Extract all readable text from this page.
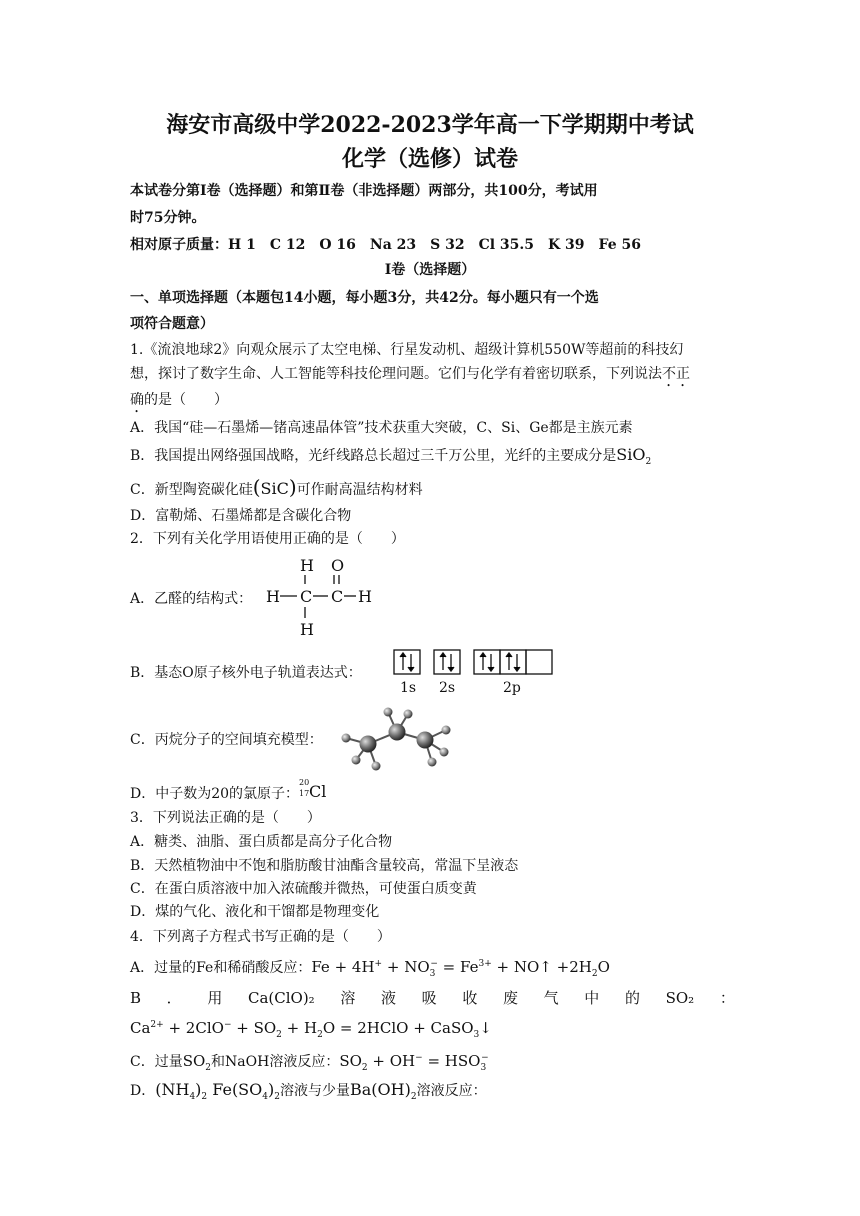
海安市高级中学2022-2023学年高一下学期期中考试
化学（选修）试卷
本试卷分第Ⅰ卷（选择题）和第Ⅱ卷（非选择题）两部分，共100分，考试用
时75分钟。
相对原子质量：H 1　C 12　O 16　Na 23　S 32　Cl 35.5　K 39　Fe 56
Ⅰ卷（选择题）
一、单项选择题（本题包14小题，每小题3分，共42分。每小题只有一个选
项符合题意）
1.《流浪地球2》向观众展示了太空电梯、行星发动机、超级计算机550W等超前的科技幻
想，探讨了数字生命、人工智能等科技伦理问题。它们与化学有着密切联系，下列说法不正
确的是（　　）
A．我国“硅—石墨烯—锗高速晶体管”技术获重大突破，C、Si、Ge都是主族元素
B．我国提出网络强国战略，光纤线路总长超过三千万公里，光纤的主要成分是SiO$_2$
C．新型陶瓷碳化硅(SiC)可作耐高温结构材料
D．富勒烯、石墨烯都是含碳化合物
2．下列有关化学用语使用正确的是（　　）
A．乙醛的结构式：
H O
H C C H
H
B．基态O原子核外电子轨道表达式：
1s 2s	2p
C．丙烷分子的空间填充模型：
D．中子数为20的氯原子：
20
17 Cl
3．下列说法正确的是（　　）
A．糖类、油脂、蛋白质都是高分子化合物
B．天然植物油中不饱和脂肪酸甘油酯含量较高，常温下呈液态
C．在蛋白质溶液中加入浓硫酸并微热，可使蛋白质变黄
D．煤的气化、液化和干馏都是物理变化
4．下列离子方程式书写正确的是（　　）
A．过量的Fe和稀硝酸反应：$Fe + 4H^+ + NO_3^- = Fe^{3+}$ + NO↑ $+2H_2O$
B ． 用 Ca(ClO)₂ 溶 液 吸 收 废 气 中 的 SO₂ ：
$Ca^{2+} + 2ClO^- + SO_2 + H_2O$ = 2HClO + CaSO$_3$↓
C．过量$SO_2$和NaOH溶液反应：$SO_2 + OH^- = HSO_3^-$
D．$(NH_4)_2$ $Fe(SO_4)_2$溶液与少量$Ba(OH)_2$溶液反应：
